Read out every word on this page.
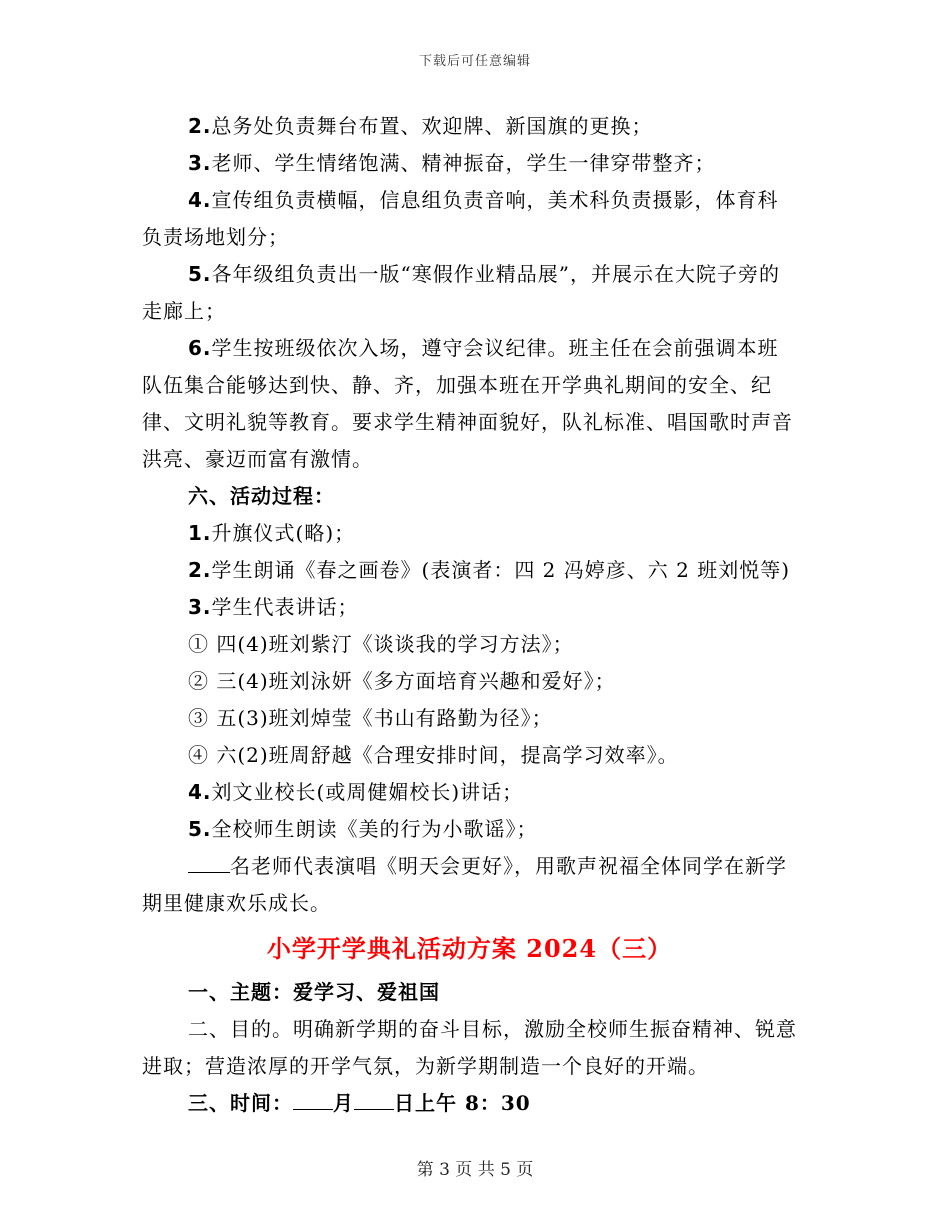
下载后可任意编辑

2.总务处负责舞台布置、欢迎牌、新国旗的更换；

3.老师、学生情绪饱满、精神振奋，学生一律穿带整齐；

4.宣传组负责横幅，信息组负责音响，美术科负责摄影，体育科负责场地划分；

5.各年级组负责出一版“寒假作业精品展”，并展示在大院子旁的走廊上；

6.学生按班级依次入场，遵守会议纪律。班主任在会前强调本班队伍集合能够达到快、静、齐，加强本班在开学典礼期间的安全、纪律、文明礼貌等教育。要求学生精神面貌好，队礼标准、唱国歌时声音洪亮、豪迈而富有激情。

六、活动过程：

1.升旗仪式(略)；

2.学生朗诵《春之画卷》(表演者：四 2 冯婷彦、六 2 班刘悦等)

3.学生代表讲话；

① 四(4)班刘紫汀《谈谈我的学习方法》；

② 三(4)班刘泳妍《多方面培育兴趣和爱好》；

③ 五(3)班刘焯莹《书山有路勤为径》；

④ 六(2)班周舒越《合理安排时间，提高学习效率》。

4.刘文业校长(或周健媚校长)讲话；

5.全校师生朗读《美的行为小歌谣》；

名老师代表演唱《明天会更好》，用歌声祝福全体同学在新学期里健康欢乐成长。

小学开学典礼活动方案 2024（三）

一、主题：爱学习、爱祖国

二、目的。明确新学期的奋斗目标，激励全校师生振奋精神、锐意进取；营造浓厚的开学气氛，为新学期制造一个良好的开端。

三、时间： 月 日上午 8：30

第 3 页 共 5 页
